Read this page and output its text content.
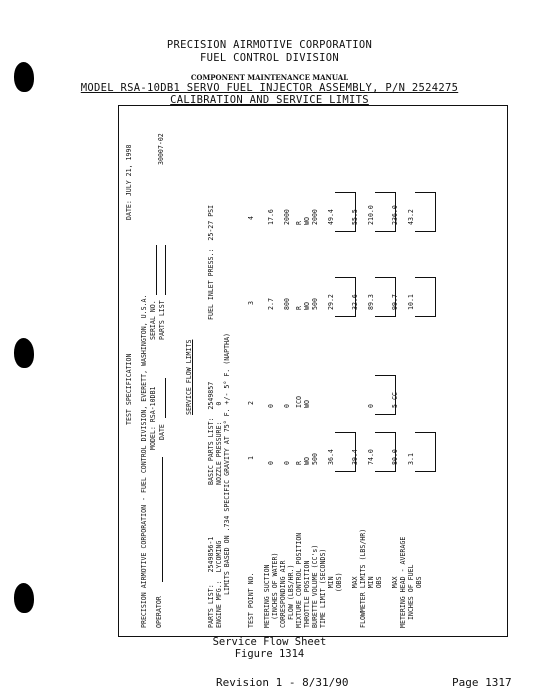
PRECISION AIRMOTIVE CORPORATION
FUEL CONTROL DIVISION
COMPONENT MAINTENANCE MANUAL
MODEL RSA-10DB1 SERVO FUEL INJECTOR ASSEMBLY, P/N 2524275
CALIBRATION AND SERVICE LIMITS
TEST SPECIFICATION
DATE: JULY 21, 1998
PRECISION AIRMOTIVE CORPORATION - FUEL CONTROL DIVISION, EVERETT, WASHINGTON, U.S.A.
30007-02
OPERATOR
MODEL: RSA-10DB1 DATE
SERIAL NO. PARTS LIST
SERVICE FLOW LIMITS
PARTS LIST:   2549856-1 ENGINE MFG.:  LYCOMING
BASIC PARTS LIST:  2549857 NOZZLE PRESSURE:    0
FUEL INLET PRESS.:  25-27 PSI
LIMITS BASED ON .734 SPECIFIC GRAVITY AT 75° F. +/- 5° F. (NAPTHA)
TEST POINT NO. METERING SUCTION (INCHES OF WATER) CORRESPONDING AIR FLOW (LBS/HR.) MIXTURE CONTROL POSITION THROTTLE POSITION BURETTE VOLUME (CC's) TIME LIMIT (SECONDS) MIN (OBS) MAX FLOWMETER LIMITS (LBS/HR) MIN OBS MAX METERING HEAD - AVERAGE INCHES OF FUEL OBS
1
0 0 R WO 500 36.4 39.4 74.0 80.0 3.1
2
0 0 ICO WO	0 5 CC
3 2.7 800 R WO 500 29.2 32.6 89.3 99.7 10.1
4 17.6 2000 R WO 2000 49.4 55.5 210.0 236.0 43.2
Service Flow Sheet
Figure 1314
Revision 1 - 8/31/90	Page 1317
